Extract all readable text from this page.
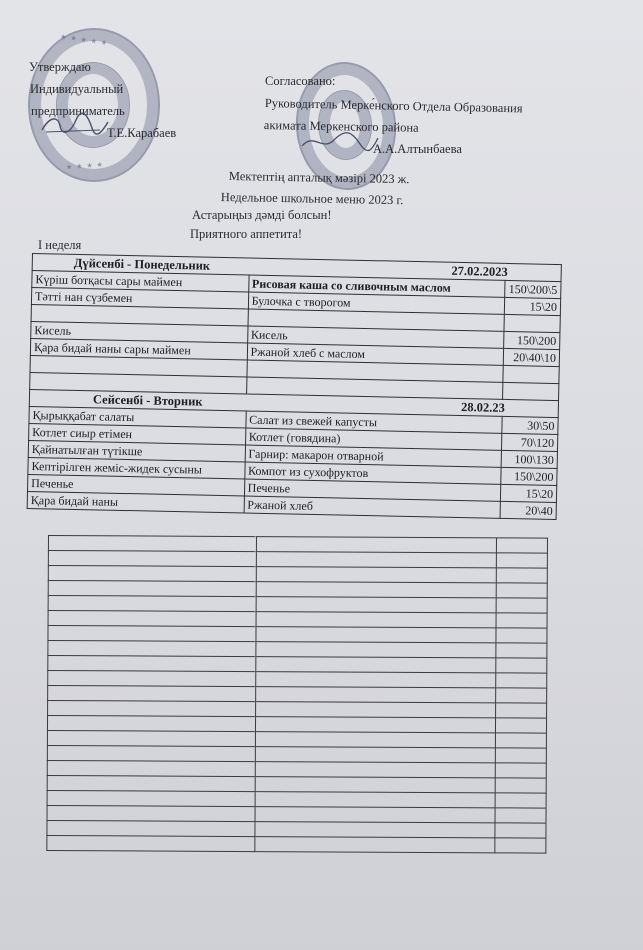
★ ★ ★ ★ ★
★ ★ ★ ★
Утверждаю
Индивидуальный
предприниматель
Т.Е.Карабаев
Согласовано:
Руководитель Мерке́нского Отдела Образования
акимата Меркенского района
А.А.Алтынбаева
Мектептің апталық мәзірі 2023 ж.
Недельное школьное меню 2023 г.
Астарыңыз дәмді болсын!
Приятного аппетита!
I неделя
Дүйсенбі - Понедельник 27.02.2023		

Күріш ботқасы сары маймен	Рисовая каша со сливочным маслом	150\200\5
Тәтті нан сүзбемен	Булочка с творогом	15\20

Кисель	Кисель	150\200
Қара бидай наны сары маймен	Ржаной хлеб с маслом	20\40\10

Сейсенбі - Вторник 28.02.23		

Қырыққабат салаты	Салат из свежей капусты	30\50
Котлет сиыр етімен	Котлет (говядина)	70\120
Қайнатылған түтікше	Гарнир: макарон отварной	100\130
Кептірілген жеміс-жидек сусыны	Компот из сухофруктов	150\200
Печенье	Печенье	15\20
Қара бидай наны	Ржаной хлеб	20\40
